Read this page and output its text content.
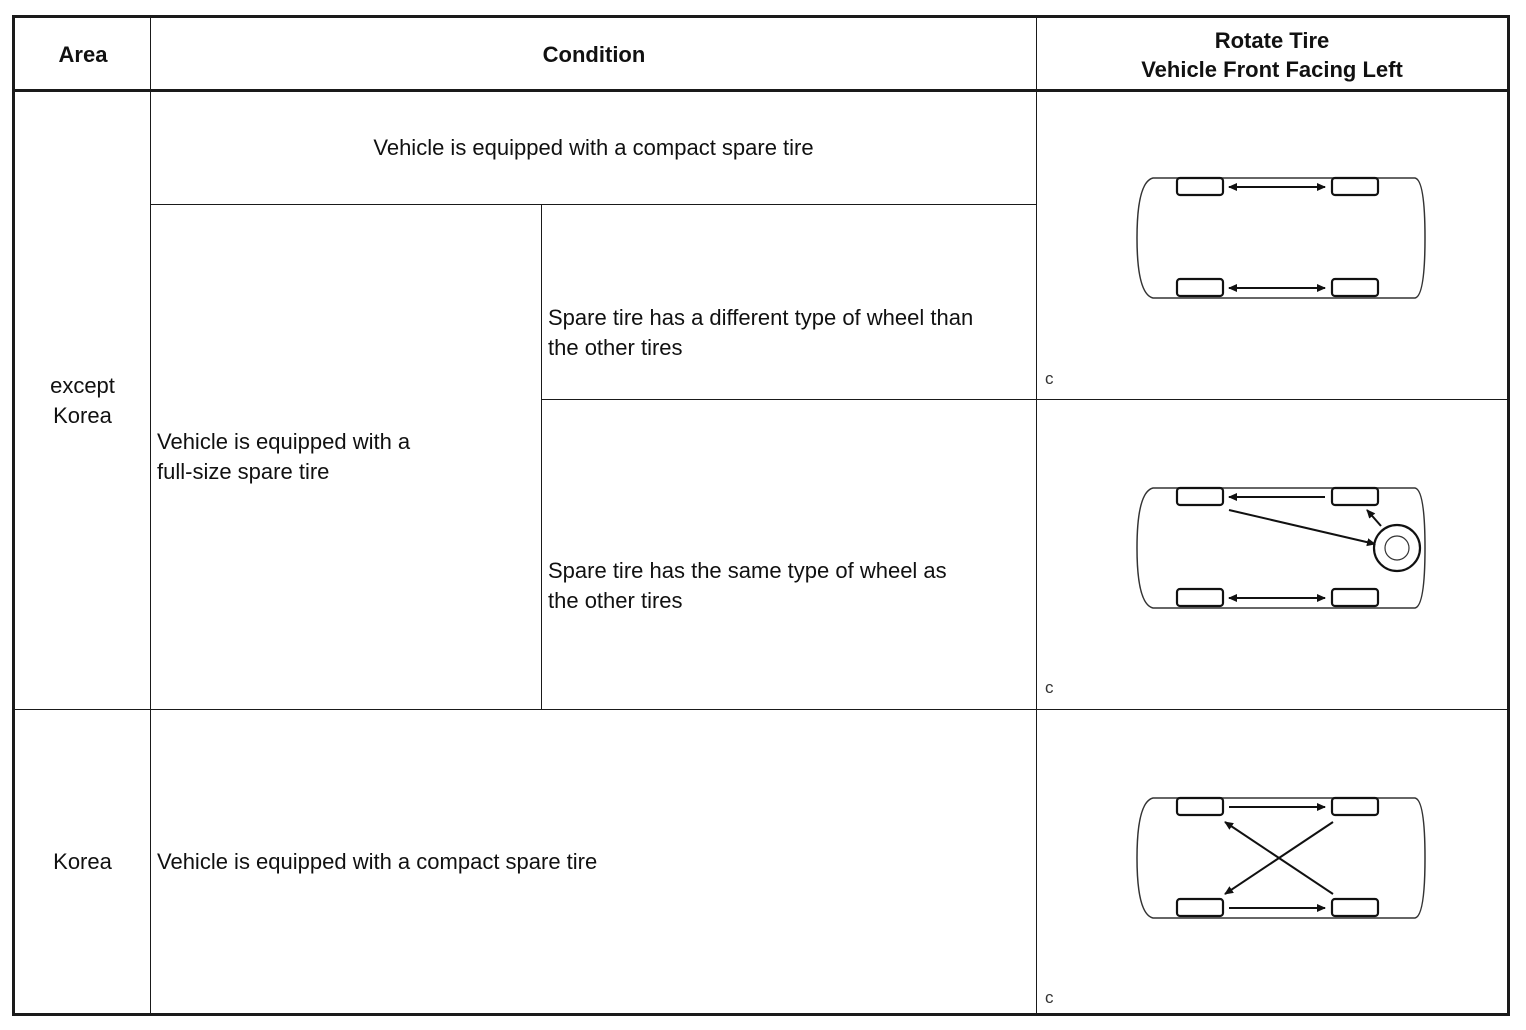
Area	Condition
Rotate Tire
Vehicle Front Facing Left
except
Korea
Vehicle is equipped with a compact spare tire
Vehicle is equipped with a
full-size spare tire

Spare tire has a different type of wheel than
the other tires

Spare tire has the same type of wheel as
the other tires

Korea Vehicle is equipped with a compact spare tire
c
c
c
